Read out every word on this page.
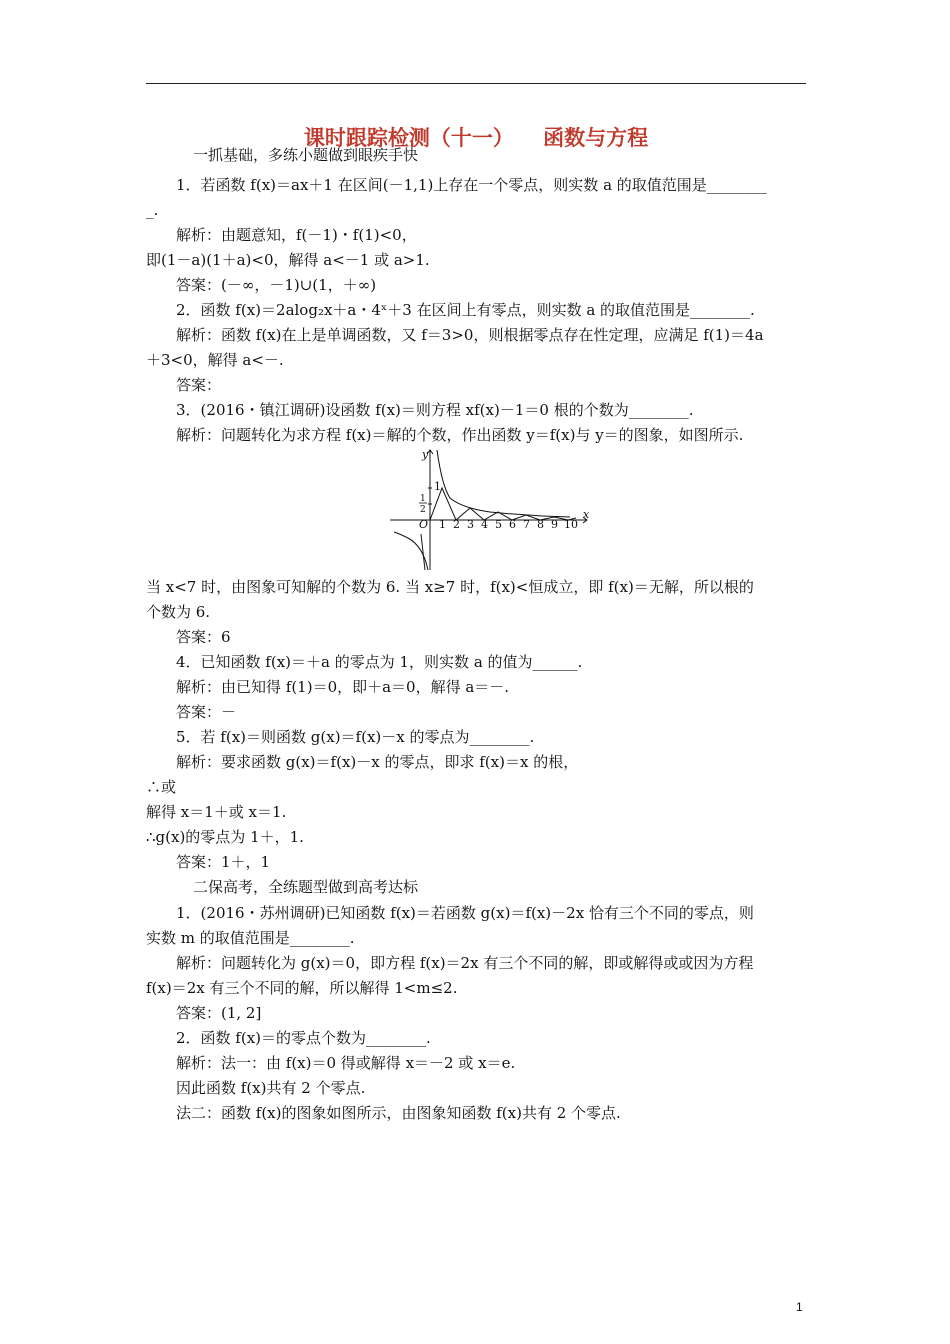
课时跟踪检测（十一）    函数与方程
一抓基础，多练小题做到眼疾手快
1．若函数 f(x)＝ax＋1 在区间(－1,1)上存在一个零点，则实数 a 的取值范围是________
_.
解析：由题意知，f(－1)・f(1)<0，
即(1－a)(1＋a)<0，解得 a<－1 或 a>1.
答案：(－∞，－1)∪(1，＋∞)
2．函数 f(x)＝2alog₂x＋a・4ˣ＋3 在区间上有零点，则实数 a 的取值范围是________.
解析：函数 f(x)在上是单调函数，又 f＝3>0，则根据零点存在性定理，应满足 f(1)＝4a
＋3<0，解得 a<－.
答案：
3．(2016・镇江调研)设函数 f(x)＝则方程 xf(x)－1＝0 根的个数为________.
解析：问题转化为求方程 f(x)＝解的个数，作出函数 y＝f(x)与 y＝的图象，如图所示.
y
x
O
1
1
2
1 2 3 4 5 6 7 8 9 10
当 x<7 时，由图象可知解的个数为 6. 当 x≥7 时，f(x)<恒成立，即 f(x)＝无解，所以根的
个数为 6.
答案：6
4．已知函数 f(x)＝＋a 的零点为 1，则实数 a 的值为______.
解析：由已知得 f(1)＝0，即＋a＝0，解得 a＝－.
答案：－
5．若 f(x)＝则函数 g(x)＝f(x)－x 的零点为________.
解析：要求函数 g(x)＝f(x)－x 的零点，即求 f(x)＝x 的根，
∴或
解得 x＝1＋或 x＝1.
∴g(x)的零点为 1＋，1.
答案：1＋，1
二保高考，全练题型做到高考达标
1．(2016・苏州调研)已知函数 f(x)＝若函数 g(x)＝f(x)－2x 恰有三个不同的零点，则
实数 m 的取值范围是________.
解析：问题转化为 g(x)＝0，即方程 f(x)＝2x 有三个不同的解，即或解得或或因为方程
f(x)＝2x 有三个不同的解，所以解得 1<m≤2.
答案：(1, 2]
2．函数 f(x)＝的零点个数为________.
解析：法一：由 f(x)＝0 得或解得 x＝－2 或 x＝e.
因此函数 f(x)共有 2 个零点.
法二：函数 f(x)的图象如图所示，由图象知函数 f(x)共有 2 个零点.
1
